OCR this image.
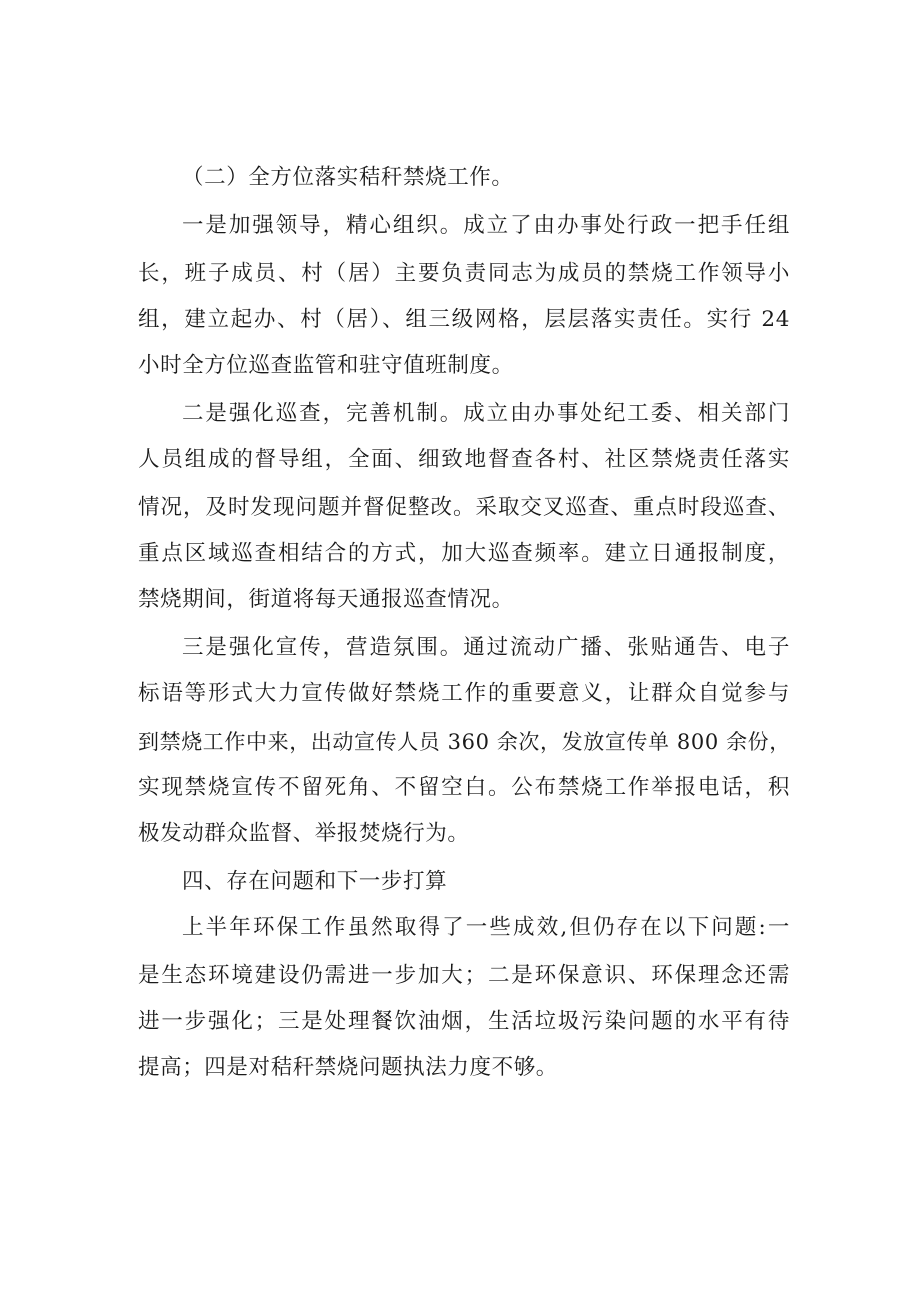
（二）全方位落实秸秆禁烧工作。
一是加强领导，精心组织。成立了由办事处行政一把手任组
长，班子成员、村（居）主要负责同志为成员的禁烧工作领导小
组，建立起办、村（居）、组三级网格，层层落实责任。实行 24
小时全方位巡查监管和驻守值班制度。
二是强化巡查，完善机制。成立由办事处纪工委、相关部门
人员组成的督导组，全面、细致地督查各村、社区禁烧责任落实
情况，及时发现问题并督促整改。采取交叉巡查、重点时段巡查、
重点区域巡查相结合的方式，加大巡查频率。建立日通报制度，
禁烧期间，街道将每天通报巡查情况。
三是强化宣传，营造氛围。通过流动广播、张贴通告、电子
标语等形式大力宣传做好禁烧工作的重要意义，让群众自觉参与
到禁烧工作中来，出动宣传人员 360 余次，发放宣传单 800 余份，
实现禁烧宣传不留死角、不留空白。公布禁烧工作举报电话，积
极发动群众监督、举报焚烧行为。
四、存在问题和下一步打算
上半年环保工作虽然取得了一些成效,但仍存在以下问题:一
是生态环境建设仍需进一步加大；二是环保意识、环保理念还需
进一步强化；三是处理餐饮油烟，生活垃圾污染问题的水平有待
提高；四是对秸秆禁烧问题执法力度不够。
